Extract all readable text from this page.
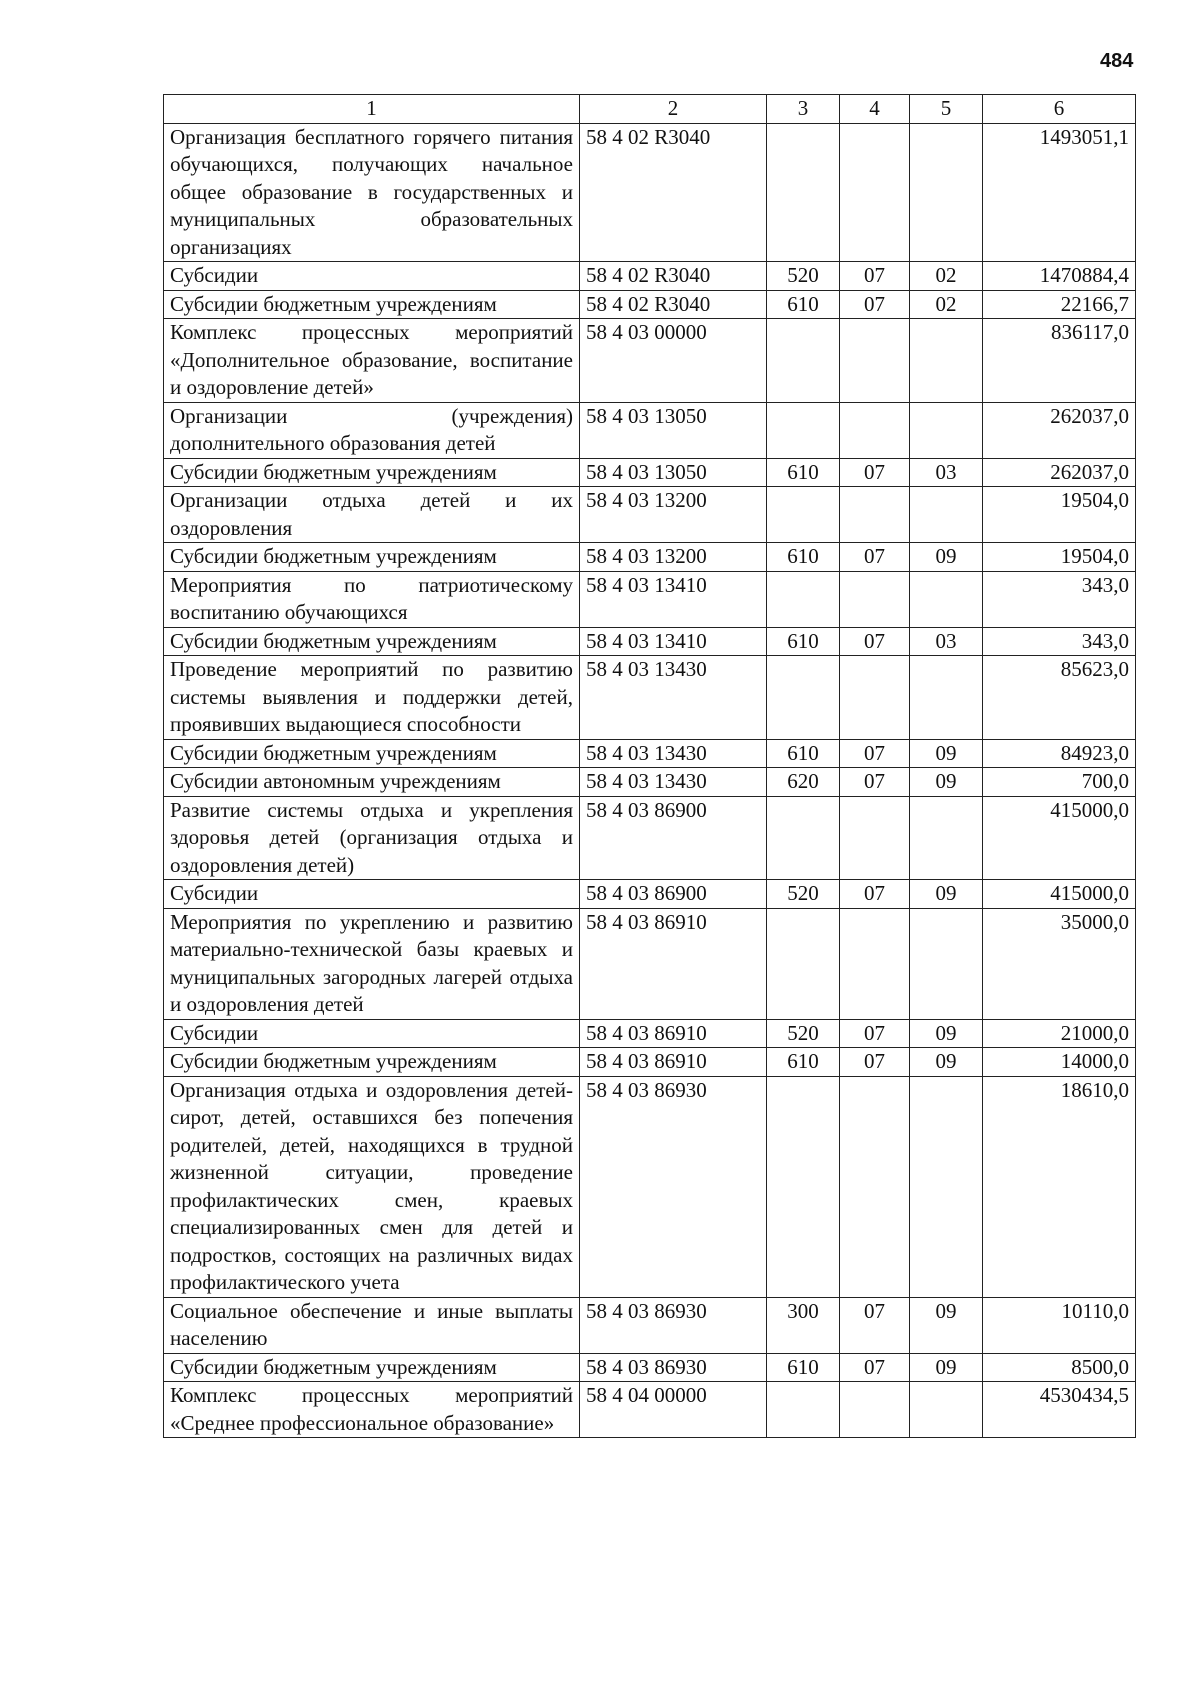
484
1	2	3	4	5	6
Организация бесплатного горячего питания обучающихся, получающих начальное общее образование в государственных и муниципальных образовательных организациях	58 4 02 R3040				1493051,1
Субсидии	58 4 02 R3040	520	07	02	1470884,4
Субсидии бюджетным учреждениям	58 4 02 R3040	610	07	02	22166,7
Комплекс процессных мероприятий «Дополнительное образование, воспитание и оздоровление детей»	58 4 03 00000				836117,0
Организации (учреждения) дополнительного образования детей	58 4 03 13050				262037,0
Субсидии бюджетным учреждениям	58 4 03 13050	610	07	03	262037,0
Организации отдыха детей и их оздоровления	58 4 03 13200				19504,0
Субсидии бюджетным учреждениям	58 4 03 13200	610	07	09	19504,0
Мероприятия по патриотическому воспитанию обучающихся	58 4 03 13410				343,0
Субсидии бюджетным учреждениям	58 4 03 13410	610	07	03	343,0
Проведение мероприятий по развитию системы выявления и поддержки детей, проявивших выдающиеся способности	58 4 03 13430				85623,0
Субсидии бюджетным учреждениям	58 4 03 13430	610	07	09	84923,0
Субсидии автономным учреждениям	58 4 03 13430	620	07	09	700,0
Развитие системы отдыха и укрепления здоровья детей (организация отдыха и оздоровления детей)	58 4 03 86900				415000,0
Субсидии	58 4 03 86900	520	07	09	415000,0
Мероприятия по укреплению и развитию материально-технической базы краевых и муниципальных загородных лагерей отдыха и оздоровления детей	58 4 03 86910				35000,0
Субсидии	58 4 03 86910	520	07	09	21000,0
Субсидии бюджетным учреждениям	58 4 03 86910	610	07	09	14000,0
Организация отдыха и оздоровления детей-сирот, детей, оставшихся без попечения родителей, детей, находящихся в трудной жизненной ситуации, проведение профилактических смен, краевых специализированных смен для детей и подростков, состоящих на различных видах профилактического учета	58 4 03 86930				18610,0
Социальное обеспечение и иные выплаты населению	58 4 03 86930	300	07	09	10110,0
Субсидии бюджетным учреждениям	58 4 03 86930	610	07	09	8500,0
Комплекс процессных мероприятий «Среднее профессиональное образование»	58 4 04 00000				4530434,5
